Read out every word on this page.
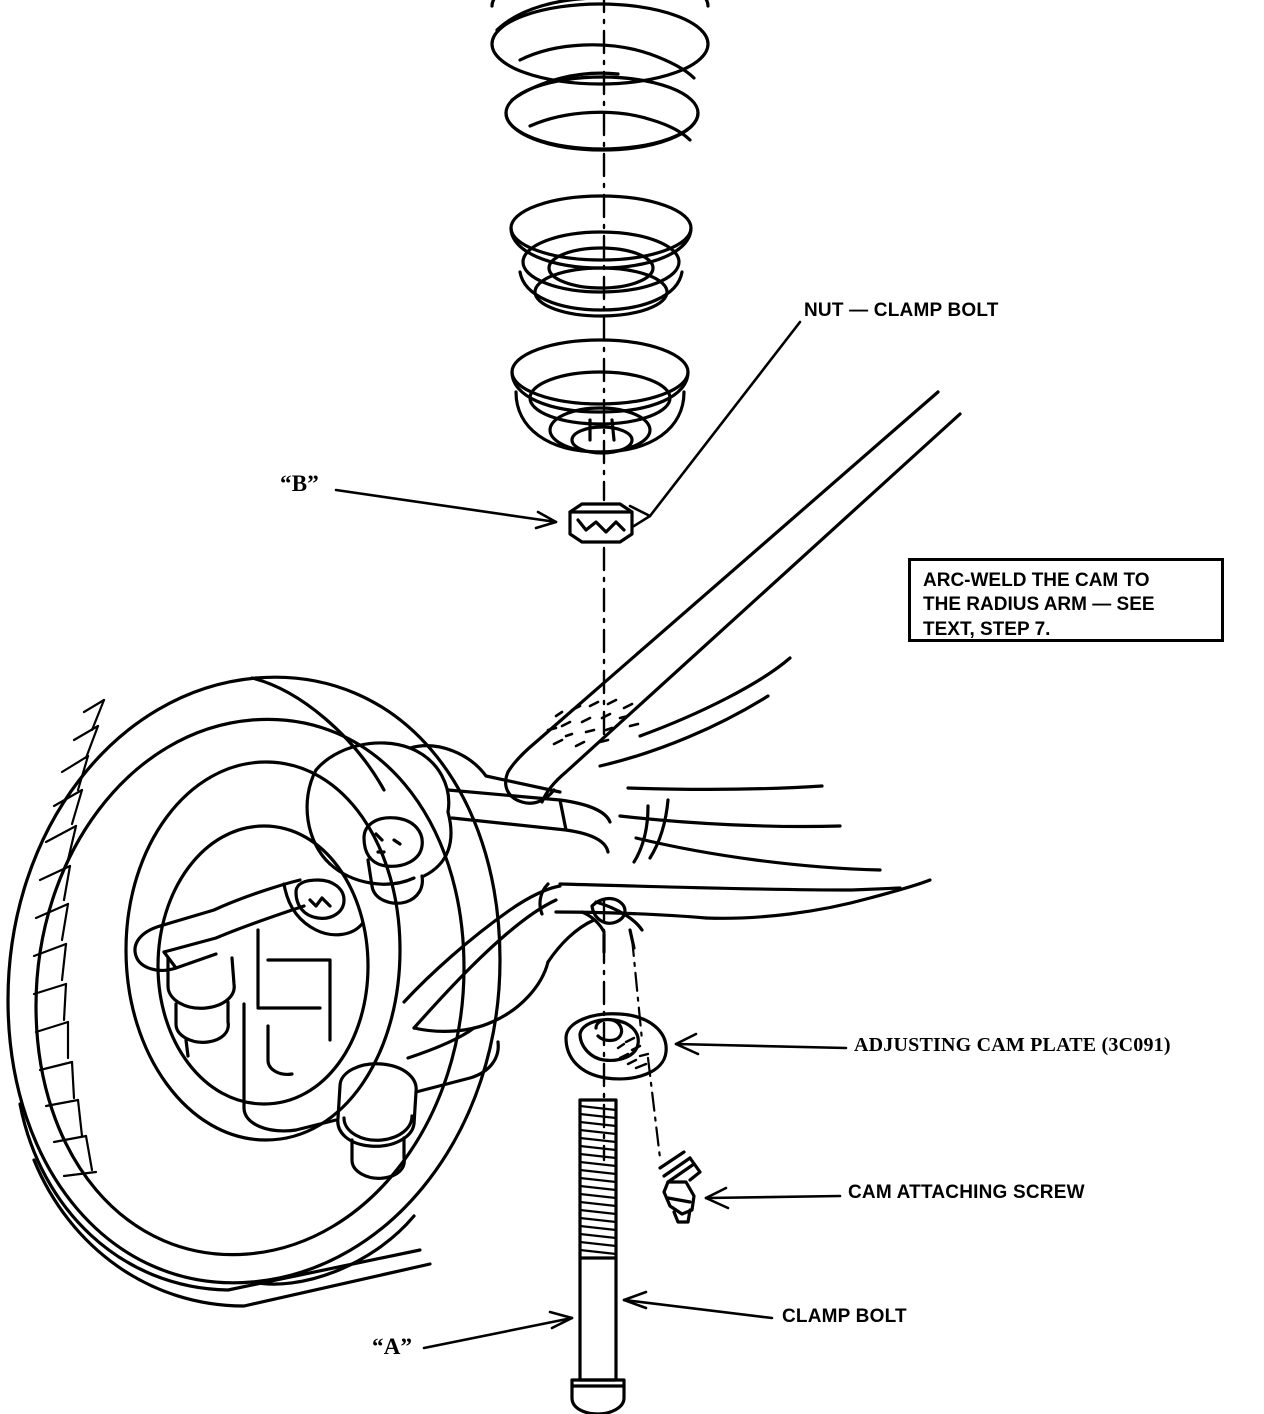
NUT — CLAMP BOLT
“B”
ARC-WELD THE CAM TO
THE RADIUS ARM — SEE
TEXT, STEP 7.
ADJUSTING CAM PLATE (3C091)
CAM ATTACHING SCREW
CLAMP BOLT
“A”
